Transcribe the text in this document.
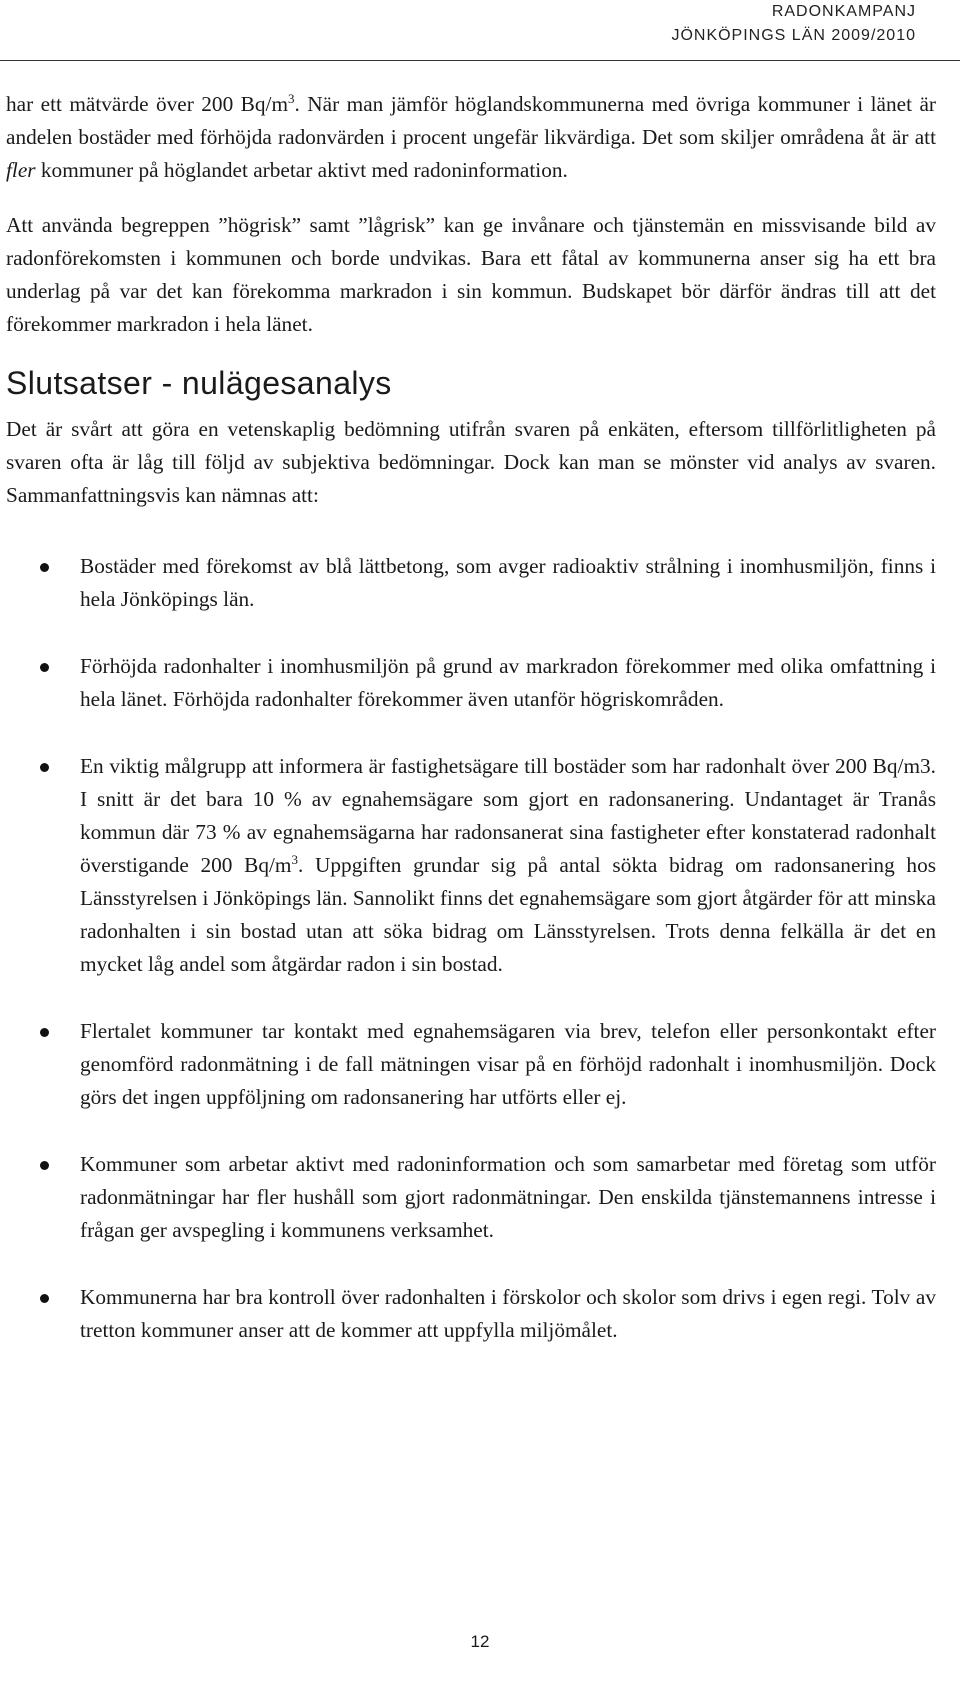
RADONKAMPANJ
JÖNKÖPINGS LÄN 2009/2010

har ett mätvärde över 200 $Bq/m^3$. När man jämför höglandskommunerna med övriga kommuner i länet är andelen bostäder med förhöjda radonvärden i procent ungefär likvärdiga. Det som skiljer områdena åt är att fler kommuner på höglandet arbetar aktivt med radoninformation.

Att använda begreppen ”högrisk” samt ”lågrisk” kan ge invånare och tjänstemän en missvisande bild av radonförekomsten i kommunen och borde undvikas. Bara ett fåtal av kommunerna anser sig ha ett bra underlag på var det kan förekomma markradon i sin kommun. Budskapet bör därför ändras till att det förekommer markradon i hela länet.

Slutsatser - nulägesanalys

Det är svårt att göra en vetenskaplig bedömning utifrån svaren på enkäten, eftersom tillförlitligheten på svaren ofta är låg till följd av subjektiva bedömningar. Dock kan man se mönster vid analys av svaren. Sammanfattningsvis kan nämnas att:

Bostäder med förekomst av blå lättbetong, som avger radioaktiv strålning i inomhusmiljön, finns i hela Jönköpings län.
Förhöjda radonhalter i inomhusmiljön på grund av markradon förekommer med olika omfattning i hela länet. Förhöjda radonhalter förekommer även utanför högriskområden.
En viktig målgrupp att informera är fastighetsägare till bostäder som har radonhalt över 200 Bq/m3. I snitt är det bara 10 % av egnahemsägare som gjort en radonsanering. Undantaget är Tranås kommun där 73 % av egnahemsägarna har radonsanerat sina fastigheter efter konstaterad radonhalt överstigande 200 $Bq/m^3$. Uppgiften grundar sig på antal sökta bidrag om radonsanering hos Länsstyrelsen i Jönköpings län. Sannolikt finns det egnahemsägare som gjort åtgärder för att minska radonhalten i sin bostad utan att söka bidrag om Länsstyrelsen. Trots denna felkälla är det en mycket låg andel som åtgärdar radon i sin bostad.
Flertalet kommuner tar kontakt med egnahemsägaren via brev, telefon eller personkontakt efter genomförd radonmätning i de fall mätningen visar på en förhöjd radonhalt i inomhusmiljön. Dock görs det ingen uppföljning om radonsanering har utförts eller ej.
Kommuner som arbetar aktivt med radoninformation och som samarbetar med företag som utför radonmätningar har fler hushåll som gjort radonmätningar. Den enskilda tjänstemannens intresse i frågan ger avspegling i kommunens verksamhet.
Kommunerna har bra kontroll över radonhalten i förskolor och skolor som drivs i egen regi. Tolv av tretton kommuner anser att de kommer att uppfylla miljömålet.
12
